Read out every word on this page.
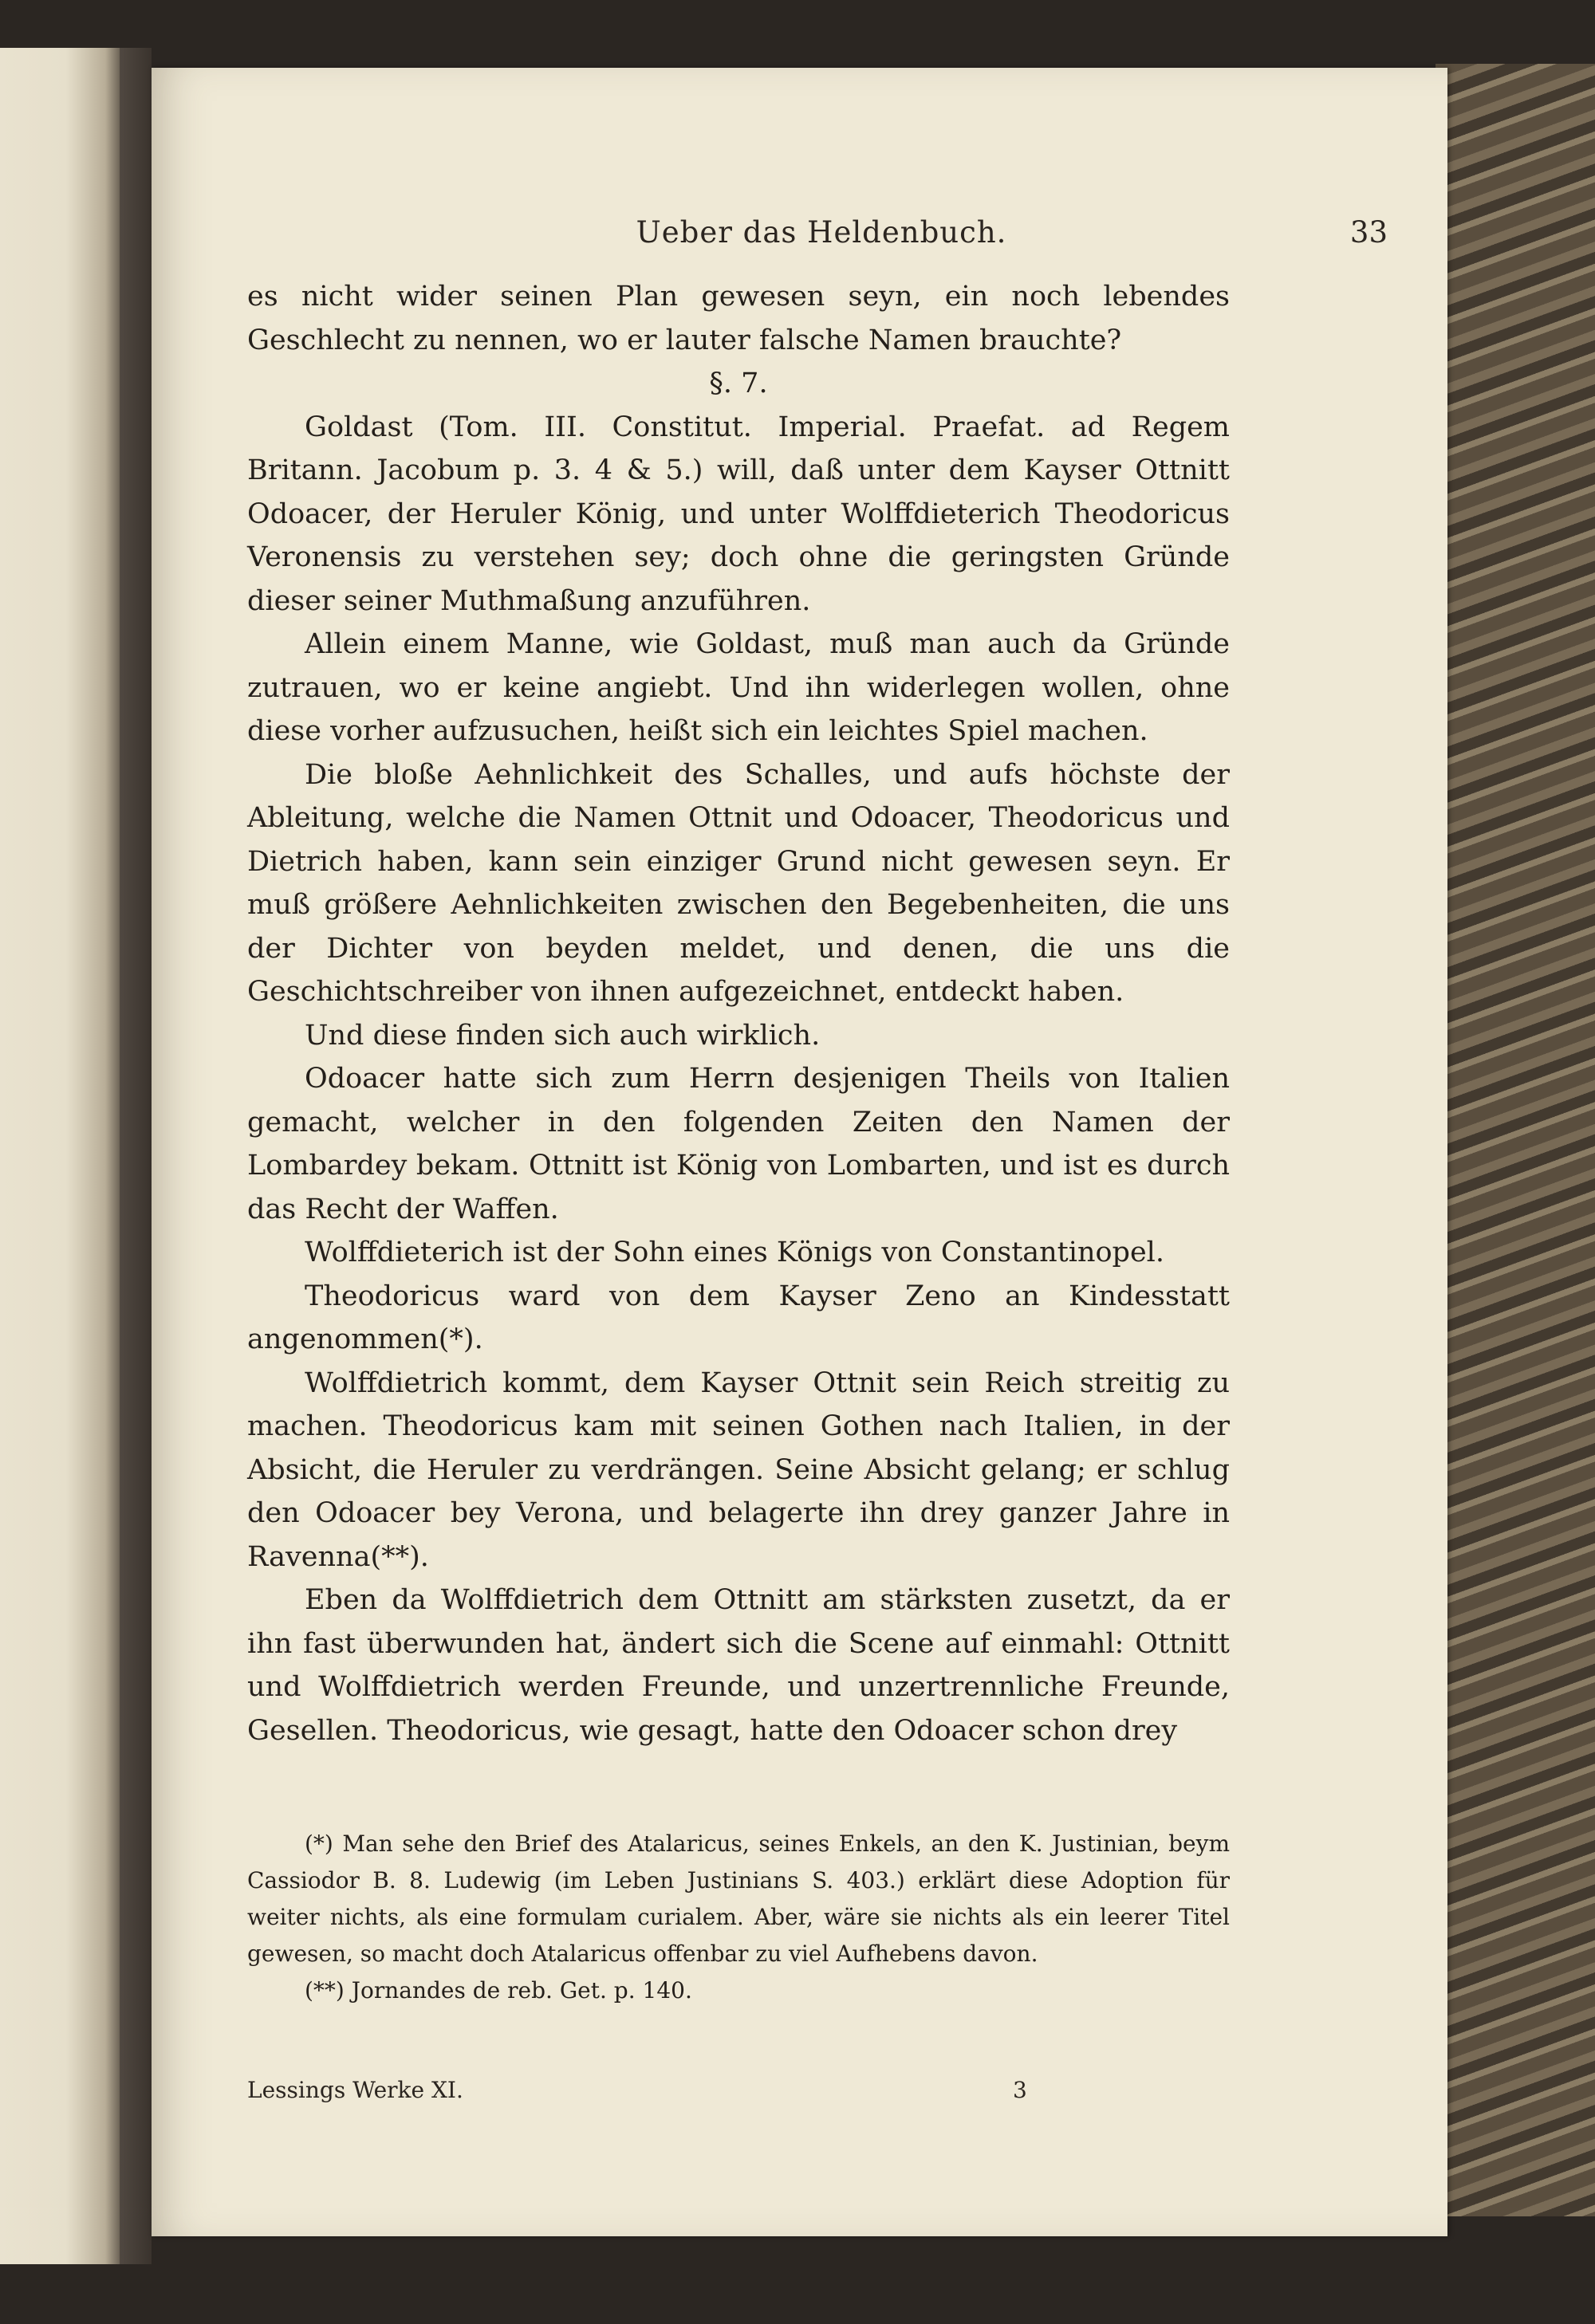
Ueber das Heldenbuch.	33

es nicht wider seinen Plan gewesen seyn, ein noch lebendes Geschlecht zu nennen, wo er lauter falsche Namen brauchte?

§. 7.

Goldast (Tom. III. Constitut. Imperial. Praefat. ad Regem Britann. Jacobum p. 3. 4 & 5.) will, daß unter dem Kayser Ottnitt Odoacer, der Heruler König, und unter Wolffdieterich Theodoricus Veronensis zu verstehen sey; doch ohne die geringsten Gründe dieser seiner Muthmaßung anzuführen.

Allein einem Manne, wie Goldast, muß man auch da Gründe zutrauen, wo er keine angiebt. Und ihn widerlegen wollen, ohne diese vorher aufzusuchen, heißt sich ein leichtes Spiel machen.

Die bloße Aehnlichkeit des Schalles, und aufs höchste der Ableitung, welche die Namen Ottnit und Odoacer, Theodoricus und Dietrich haben, kann sein einziger Grund nicht gewesen seyn. Er muß größere Aehnlichkeiten zwischen den Begebenheiten, die uns der Dichter von beyden meldet, und denen, die uns die Geschichtschreiber von ihnen aufgezeichnet, entdeckt haben.

Und diese finden sich auch wirklich.

Odoacer hatte sich zum Herrn desjenigen Theils von Italien gemacht, welcher in den folgenden Zeiten den Namen der Lombardey bekam. Ottnitt ist König von Lombarten, und ist es durch das Recht der Waffen.

Wolffdieterich ist der Sohn eines Königs von Constantinopel.

Theodoricus ward von dem Kayser Zeno an Kindesstatt angenommen(*).

Wolffdietrich kommt, dem Kayser Ottnit sein Reich streitig zu machen. Theodoricus kam mit seinen Gothen nach Italien, in der Absicht, die Heruler zu verdrängen. Seine Absicht gelang; er schlug den Odoacer bey Verona, und belagerte ihn drey ganzer Jahre in Ravenna(**).

Eben da Wolffdietrich dem Ottnitt am stärksten zusetzt, da er ihn fast überwunden hat, ändert sich die Scene auf einmahl: Ottnitt und Wolffdietrich werden Freunde, und unzertrennliche Freunde, Gesellen. Theodoricus, wie gesagt, hatte den Odoacer schon drey

(*) Man sehe den Brief des Atalaricus, seines Enkels, an den K. Justinian, beym Cassiodor B. 8. Ludewig (im Leben Justinians S. 403.) erklärt diese Adoption für weiter nichts, als eine formulam curialem. Aber, wäre sie nichts als ein leerer Titel gewesen, so macht doch Atalaricus offenbar zu viel Aufhebens davon.

(**) Jornandes de reb. Get. p. 140.

Lessings Werke XI.	3
